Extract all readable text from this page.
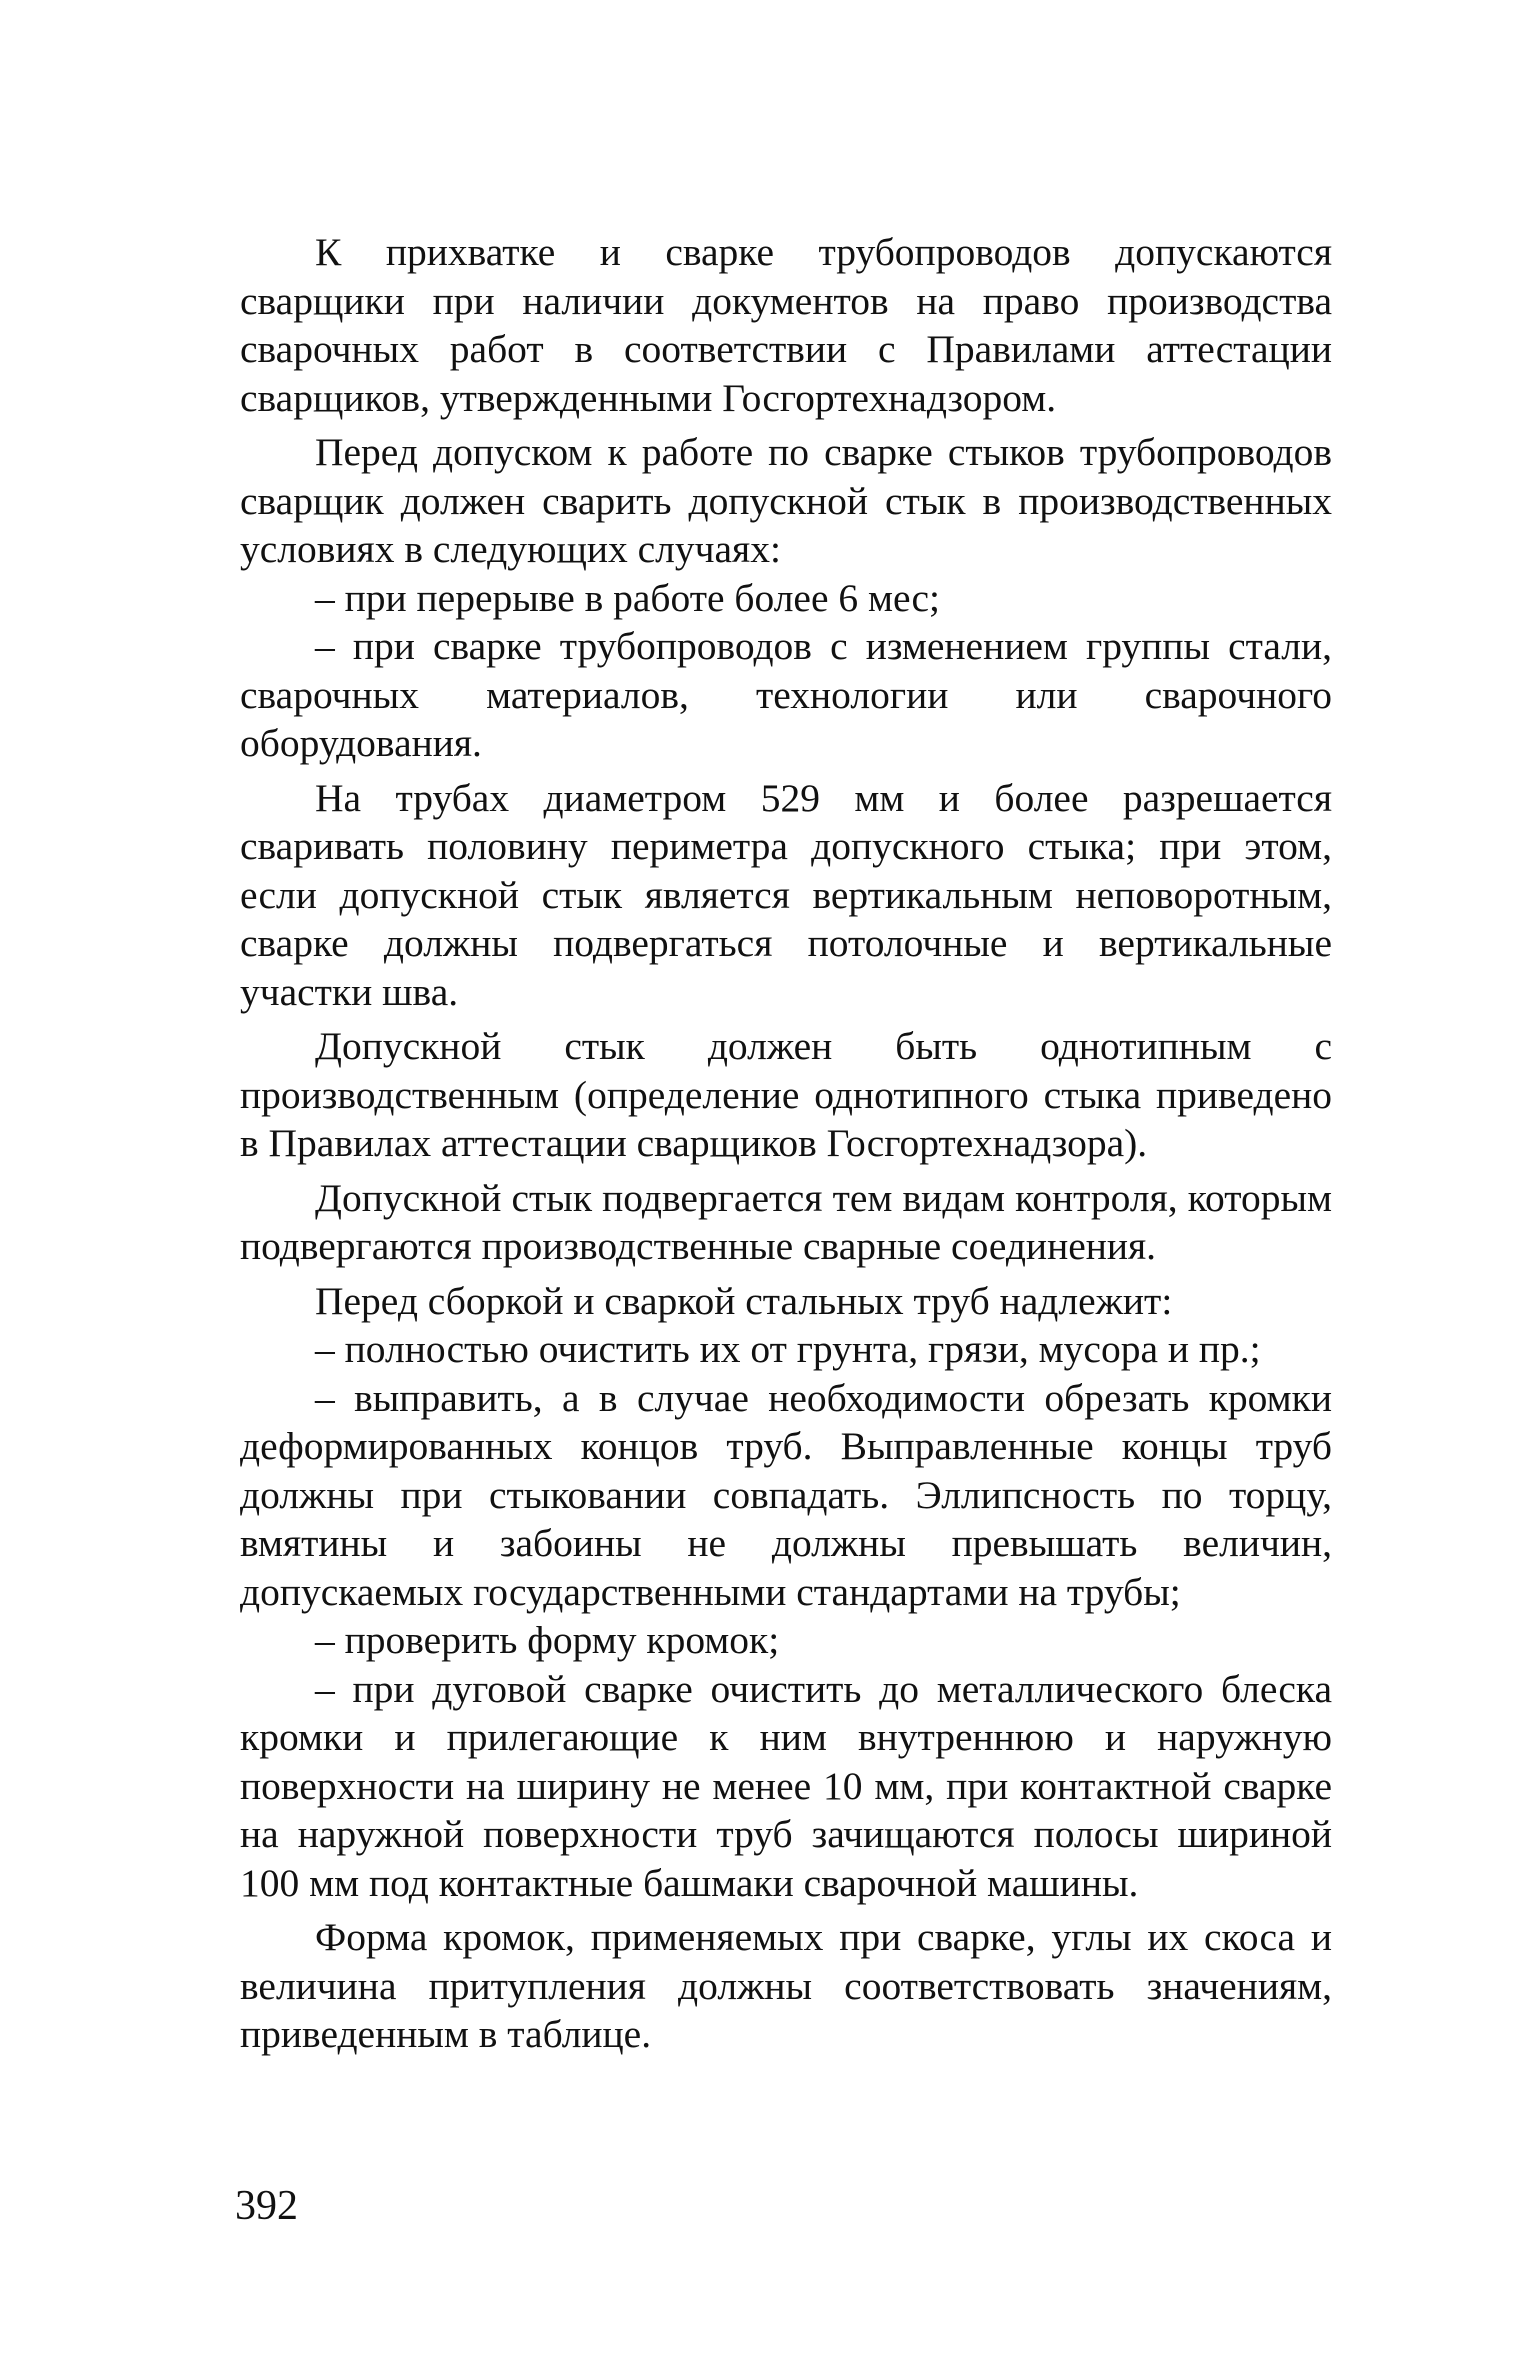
К прихватке и сварке трубопроводов допускаются сварщики при наличии документов на право производства сварочных работ в соответствии с Правилами аттестации сварщиков, утвержденными Госгортехнадзором.

Перед допуском к работе по сварке стыков трубопроводов сварщик должен сварить допускной стык в производственных условиях в следующих случаях:

– при перерыве в работе более 6 мес;

– при сварке трубопроводов с изменением группы стали, сварочных материалов, технологии или сварочного оборудования.

На трубах диаметром 529 мм и более разрешается сваривать половину периметра допускного стыка; при этом, если допускной стык является вертикальным неповоротным, сварке должны подвергаться потолочные и вертикальные участки шва.

Допускной стык должен быть однотипным с производственным (определение однотипного стыка приведено в Правилах аттестации сварщиков Госгортехнадзора).

Допускной стык подвергается тем видам контроля, которым подвергаются производственные сварные соединения.

Перед сборкой и сваркой стальных труб надлежит:

– полностью очистить их от грунта, грязи, мусора и пр.;

– выправить, а в случае необходимости обрезать кромки деформированных концов труб. Выправленные концы труб должны при стыковании совпадать. Эллипсность по торцу, вмятины и забоины не должны превышать величин, допускаемых государственными стандартами на трубы;

– проверить форму кромок;

– при дуговой сварке очистить до металлического блеска кромки и прилегающие к ним внутреннюю и наружную поверхности на ширину не менее 10 мм, при контактной сварке на наружной поверхности труб зачищаются полосы шириной 100 мм под контактные башмаки сварочной машины.

Форма кромок, применяемых при сварке, углы их скоса и величина притупления должны соответствовать значениям, приведенным в таблице.

392
